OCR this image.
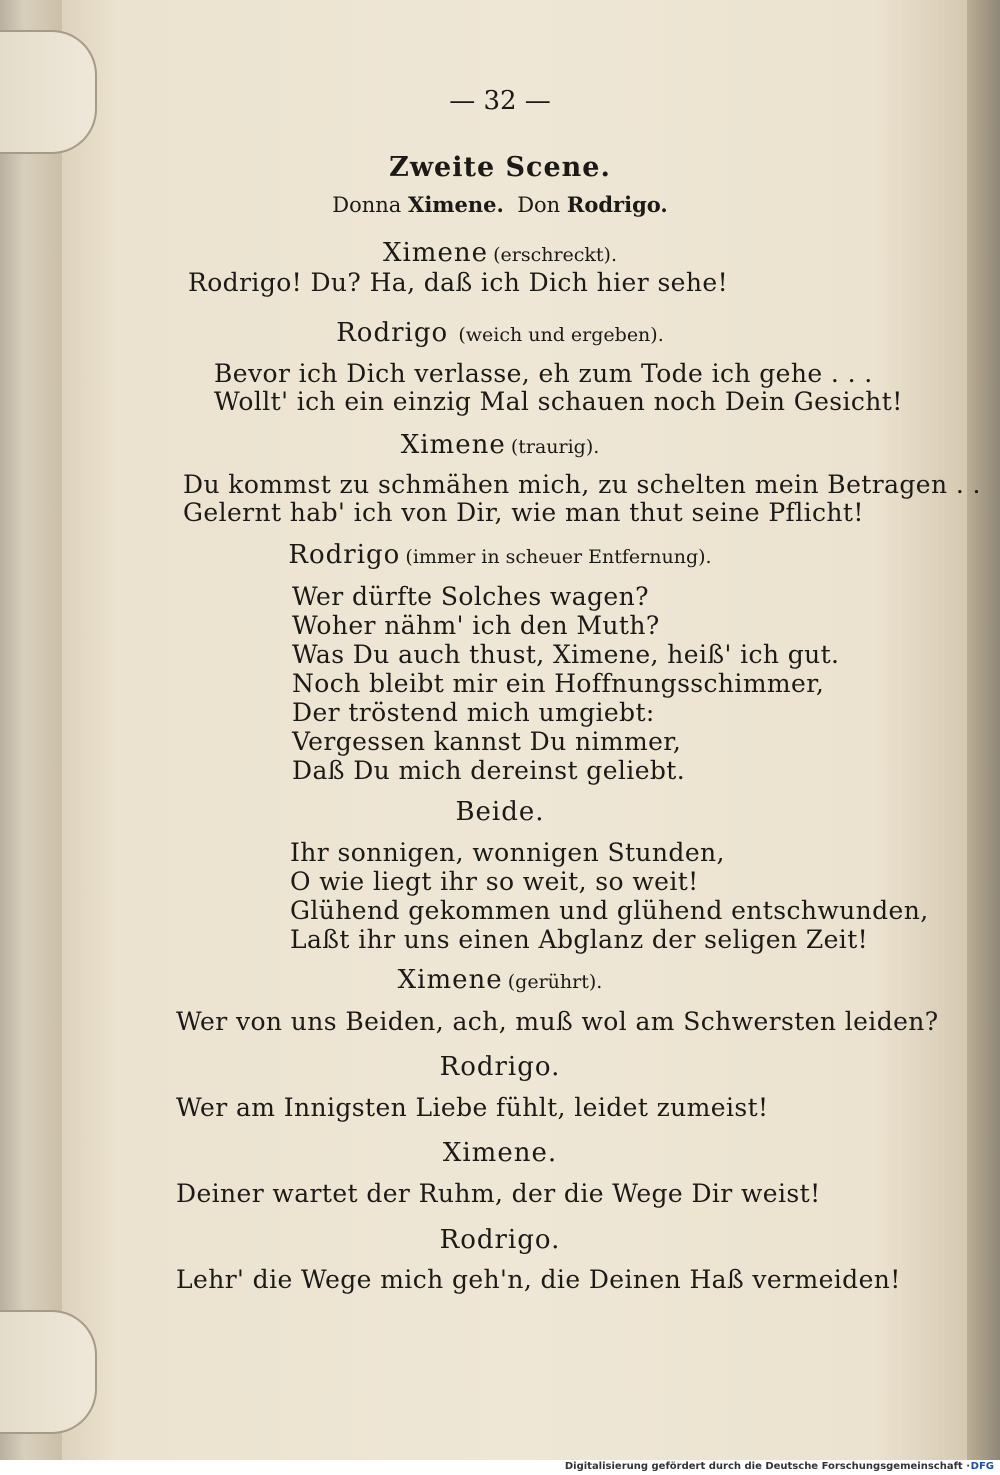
— 32 —
Zweite Scene.
Donna Ximene. Don Rodrigo.
Ximene (erschreckt).
Rodrigo! Du? Ha, daß ich Dich hier sehe!
Rodrigo (weich und ergeben).
Bevor ich Dich verlasse, eh zum Tode ich gehe . . .
Wollt' ich ein einzig Mal schauen noch Dein Gesicht!
Ximene (traurig).
Du kommst zu schmähen mich, zu schelten mein Betragen . .
Gelernt hab' ich von Dir, wie man thut seine Pflicht!
Rodrigo (immer in scheuer Entfernung).
Wer dürfte Solches wagen?
Woher nähm' ich den Muth?
Was Du auch thust, Ximene, heiß' ich gut.
Noch bleibt mir ein Hoffnungsschimmer,
Der tröstend mich umgiebt:
Vergessen kannst Du nimmer,
Daß Du mich dereinst geliebt.
Beide.
Ihr sonnigen, wonnigen Stunden,
O wie liegt ihr so weit, so weit!
Glühend gekommen und glühend entschwunden,
Laßt ihr uns einen Abglanz der seligen Zeit!
Ximene (gerührt).
Wer von uns Beiden, ach, muß wol am Schwersten leiden?
Rodrigo.
Wer am Innigsten Liebe fühlt, leidet zumeist!
Ximene.
Deiner wartet der Ruhm, der die Wege Dir weist!
Rodrigo.
Lehr' die Wege mich geh'n, die Deinen Haß vermeiden!
Digitalisierung gefördert durch die Deutsche Forschungsgemeinschaft · DFG
